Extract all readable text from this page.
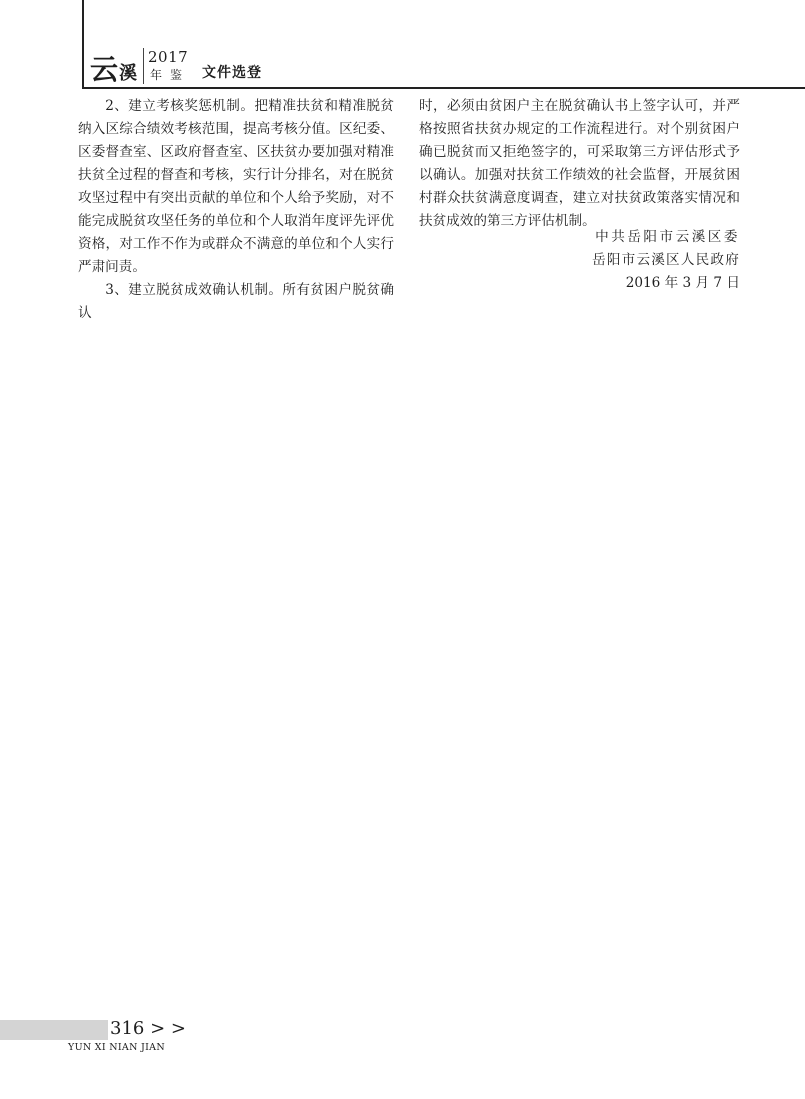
云 溪
2017
年鉴 文件选登

2、建立考核奖惩机制。把精准扶贫和精准脱贫纳入区综合绩效考核范围，提高考核分值。区纪委、区委督查室、区政府督查室、区扶贫办要加强对精准扶贫全过程的督查和考核，实行计分排名，对在脱贫攻坚过程中有突出贡献的单位和个人给予奖励，对不能完成脱贫攻坚任务的单位和个人取消年度评先评优资格，对工作不作为或群众不满意的单位和个人实行严肃问责。

3、建立脱贫成效确认机制。所有贫困户脱贫确认

时，必须由贫困户主在脱贫确认书上签字认可，并严格按照省扶贫办规定的工作流程进行。对个别贫困户确已脱贫而又拒绝签字的，可采取第三方评估形式予以确认。加强对扶贫工作绩效的社会监督，开展贫困村群众扶贫满意度调查，建立对扶贫政策落实情况和扶贫成效的第三方评估机制。

中共岳阳市云溪区委
岳阳市云溪区人民政府
2016 年 3 月 7 日
316 > >
YUN XI NIAN JIAN
